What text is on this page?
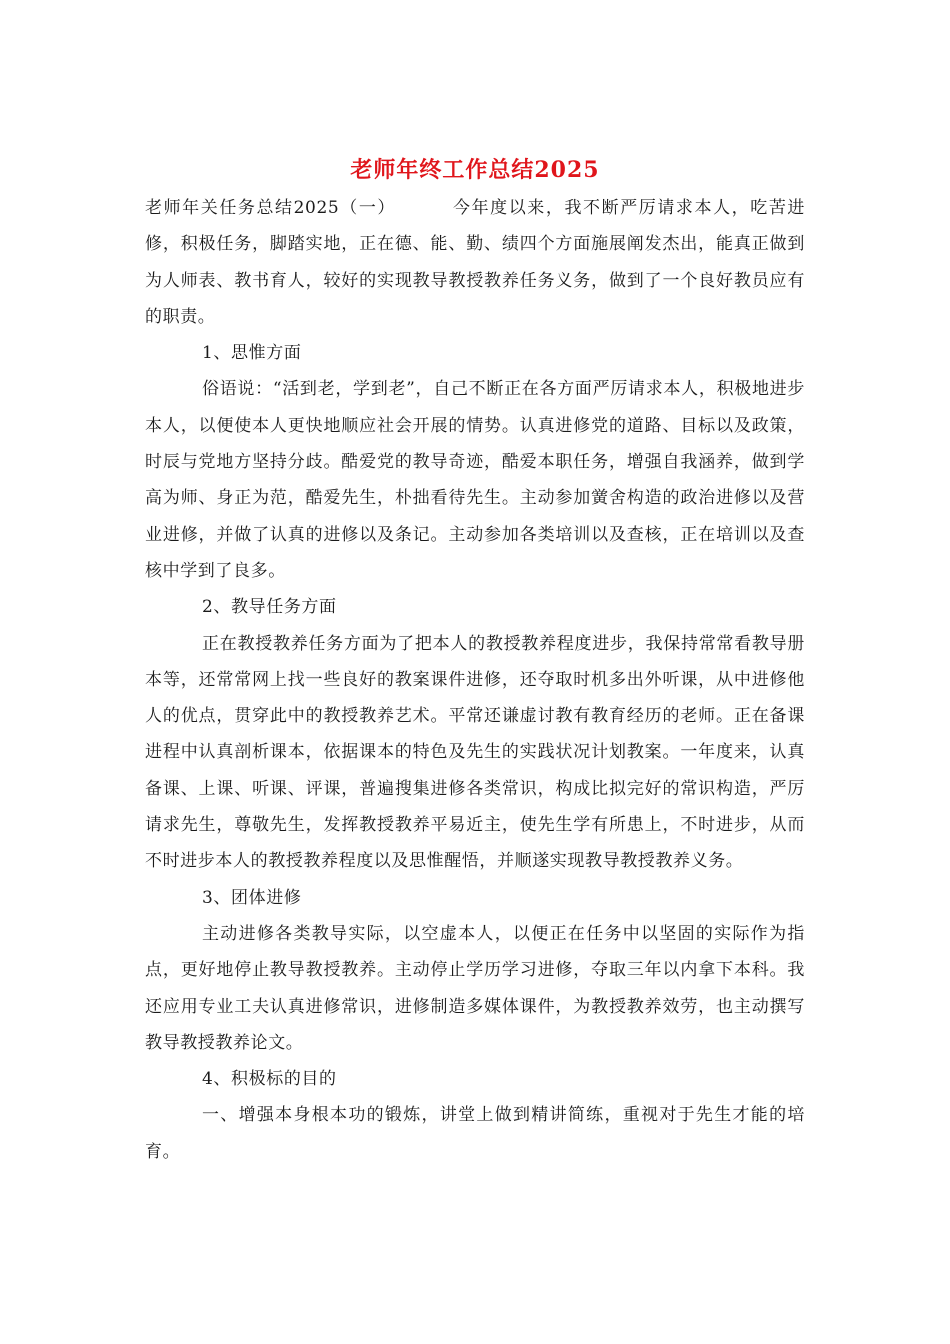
老师年终工作总结2025

老师年关任务总结2025（一）	今年度以来，我不断严厉请求本人，吃苦进修，积极任务，脚踏实地，正在德、能、勤、绩四个方面施展阐发杰出，能真正做到为人师表、教书育人，较好的实现教导教授教养任务义务，做到了一个良好教员应有的职责。

1、思惟方面

俗语说：“活到老，学到老”，自己不断正在各方面严厉请求本人，积极地进步本人，以便使本人更快地顺应社会开展的情势。认真进修党的道路、目标以及政策，时辰与党地方坚持分歧。酷爱党的教导奇迹，酷爱本职任务，增强自我涵养，做到学高为师、身正为范，酷爱先生，朴拙看待先生。主动参加黉舍构造的政治进修以及营业进修，并做了认真的进修以及条记。主动参加各类培训以及查核，正在培训以及查核中学到了良多。

2、教导任务方面

正在教授教养任务方面为了把本人的教授教养程度进步，我保持常常看教导册本等，还常常网上找一些良好的教案课件进修，还夺取时机多出外听课，从中进修他人的优点，贯穿此中的教授教养艺术。平常还谦虚讨教有教育经历的老师。正在备课进程中认真剖析课本，依据课本的特色及先生的实践状况计划教案。一年度来，认真备课、上课、听课、评课，普遍搜集进修各类常识，构成比拟完好的常识构造，严厉请求先生，尊敬先生，发挥教授教养平易近主，使先生学有所患上，不时进步，从而不时进步本人的教授教养程度以及思惟醒悟，并顺遂实现教导教授教养义务。

3、团体进修

主动进修各类教导实际，以空虚本人，以便正在任务中以坚固的实际作为指点，更好地停止教导教授教养。主动停止学历学习进修，夺取三年以内拿下本科。我还应用专业工夫认真进修常识，进修制造多媒体课件，为教授教养效劳，也主动撰写教导教授教养论文。

4、积极标的目的

一、增强本身根本功的锻炼，讲堂上做到精讲简练，重视对于先生才能的培育。
